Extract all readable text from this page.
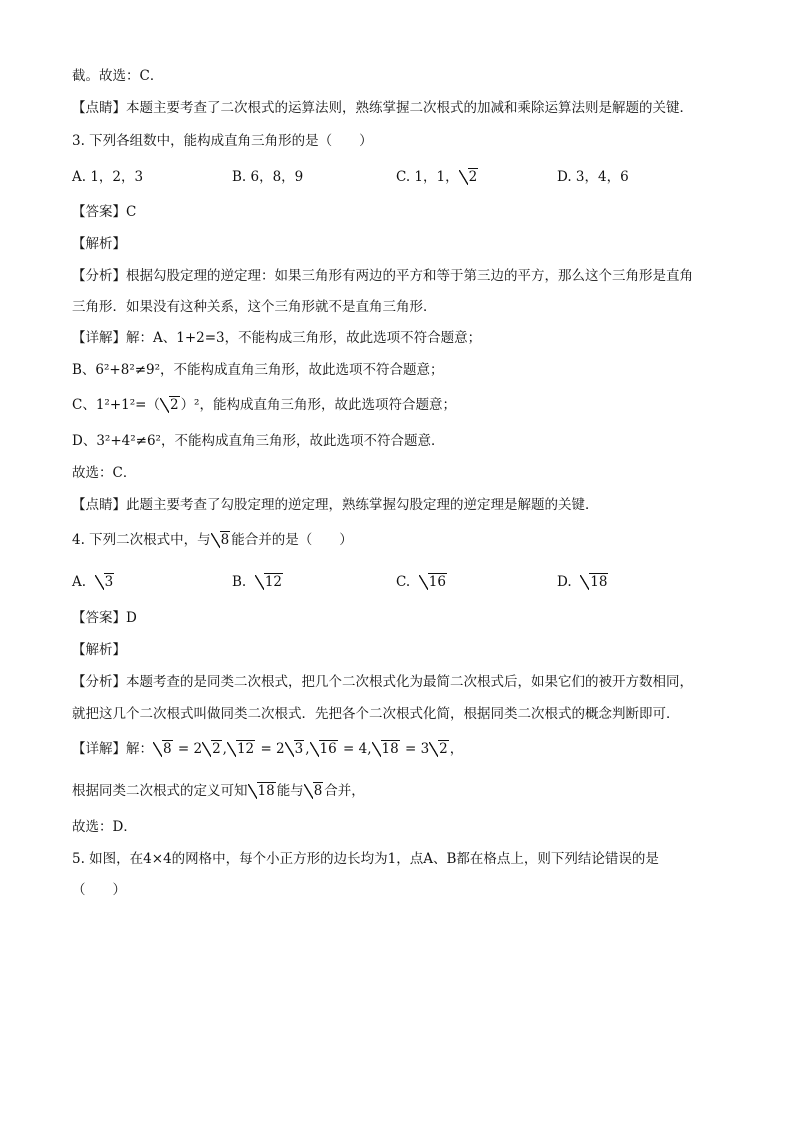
截。故选：C．
【点睛】本题主要考查了二次根式的运算法则，熟练掌握二次根式的加减和乘除运算法则是解题的关键．
3. 下列各组数中，能构成直角三角形的是（　　）
A. 1，2，3	B. 6，8，9	C. 1，1， 2	D. 3，4，6
【答案】C
【解析】
【分析】根据勾股定理的逆定理：如果三角形有两边的平方和等于第三边的平方，那么这个三角形是直角
三角形．如果没有这种关系，这个三角形就不是直角三角形．
【详解】解：A、1+2=3，不能构成三角形，故此选项不符合题意；
B、6²+8²≠9²，不能构成直角三角形，故此选项不符合题意；
C、1²+1²=（ 2 ）²，能构成直角三角形，故此选项符合题意；
D、3²+4²≠6²，不能构成直角三角形，故此选项不符合题意．
故选：C．
【点睛】此题主要考查了勾股定理的逆定理，熟练掌握勾股定理的逆定理是解题的关键．
4. 下列二次根式中，与 8 能合并的是（　　）
A. 3	B. 12	C. 16	D. 18
【答案】D
【解析】
【分析】本题考查的是同类二次根式，把几个二次根式化为最简二次根式后，如果它们的被开方数相同，
就把这几个二次根式叫做同类二次根式．先把各个二次根式化简，根据同类二次根式的概念判断即可．
【详解】解： 8 = 2 2 , 12 = 2 3 , 16 = 4, 18 = 3 2 ，
根据同类二次根式的定义可知 18 能与 8 合并，
故选：D．
5. 如图，在4×4的网格中，每个小正方形的边长均为1，点A、B都在格点上，则下列结论错误的是
（　　）
